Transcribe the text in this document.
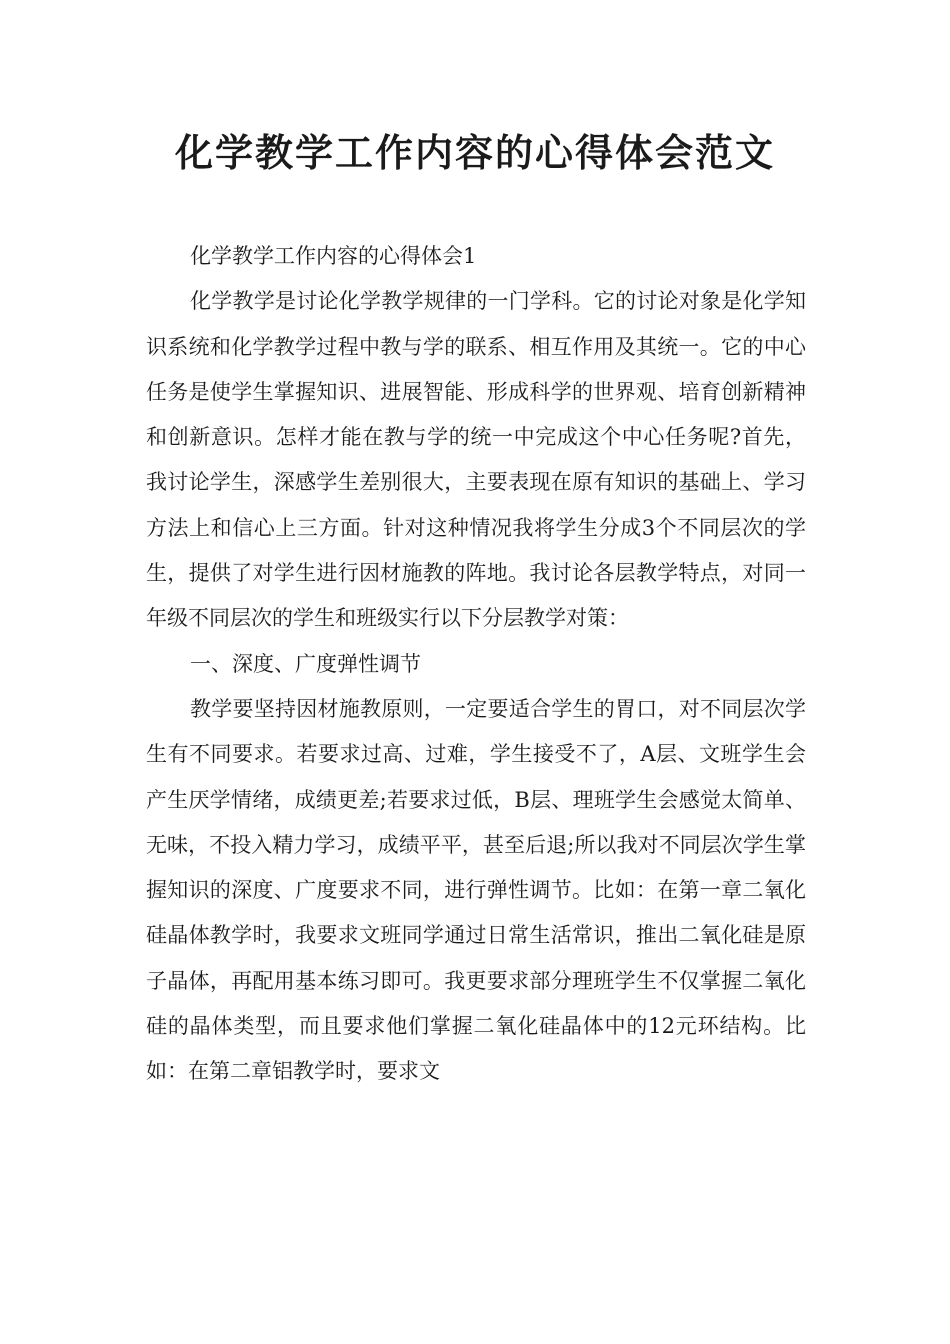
化学教学工作内容的心得体会范文

化学教学工作内容的心得体会1

化学教学是讨论化学教学规律的一门学科。它的讨论对象是化学知识系统和化学教学过程中教与学的联系、相互作用及其统一。它的中心任务是使学生掌握知识、进展智能、形成科学的世界观、培育创新精神和创新意识。怎样才能在教与学的统一中完成这个中心任务呢?首先，我讨论学生，深感学生差别很大，主要表现在原有知识的基础上、学习方法上和信心上三方面。针对这种情况我将学生分成3个不同层次的学生，提供了对学生进行因材施教的阵地。我讨论各层教学特点，对同一年级不同层次的学生和班级实行以下分层教学对策：

一、深度、广度弹性调节

教学要坚持因材施教原则，一定要适合学生的胃口，对不同层次学生有不同要求。若要求过高、过难，学生接受不了，A层、文班学生会产生厌学情绪，成绩更差;若要求过低，B层、理班学生会感觉太简单、无味，不投入精力学习，成绩平平，甚至后退;所以我对不同层次学生掌握知识的深度、广度要求不同，进行弹性调节。比如：在第一章二氧化硅晶体教学时，我要求文班同学通过日常生活常识，推出二氧化硅是原子晶体，再配用基本练习即可。我更要求部分理班学生不仅掌握二氧化硅的晶体类型，而且要求他们掌握二氧化硅晶体中的12元环结构。比如：在第二章铝教学时，要求文
